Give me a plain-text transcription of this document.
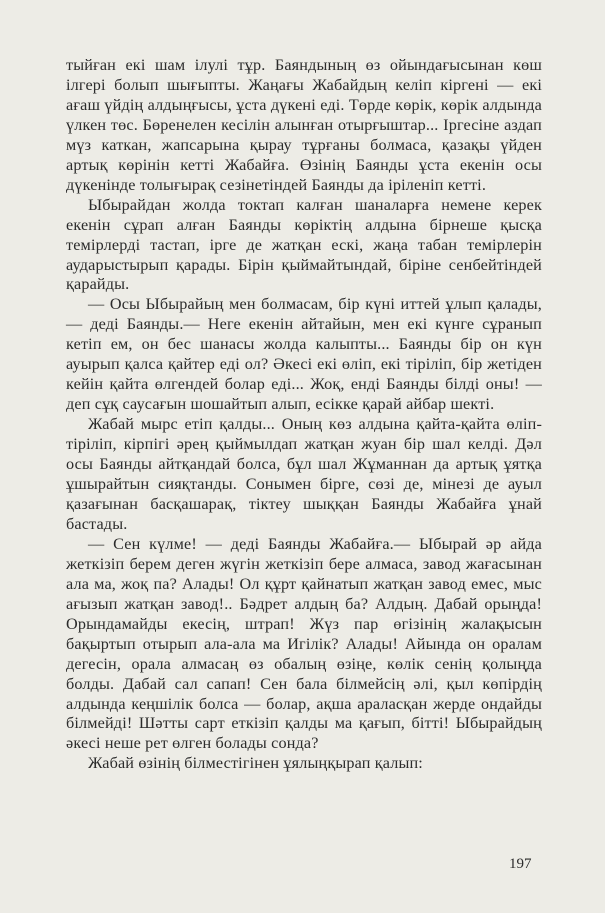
тыйған екі шам ілулі тұр. Баяндының өз ойындағысынан көш ілгері болып шығыпты. Жаңағы Жабайдың келіп кіргені — екі ағаш үйдің алдыңғысы, ұста дүкені еді. Төрде көрік, көрік алдында үлкен төс. Бөренелен кесілін алынған отырғыштар... Іргесіне аздап мүз каткан, жапсарына қырау тұрғаны болмаса, қазақы үйден артық көрінін кетті Жабайға. Өзінің Баянды ұста екенін осы дүкенінде толығырақ сезінетіндей Баянды да іріленіп кетті.

Ыбырайдан жолда токтап калған шаналарға немене керек екенін сұрап алған Баянды көріктің алдына бірнеше қысқа темірлерді тастап, ірге де жатқан ескі, жаңа табан темірлерін аударыстырып қарады. Бірін қыймайтындай, біріне сенбейтіндей қарайды.

— Осы Ыбырайың мен болмасам, бір күні иттей ұлып қалады,— деді Баянды.— Неге екенін айтайын, мен екі күнге сұранып кетіп ем, он бес шанасы жолда калыпты... Баянды бір он күн ауырып қалса қайтер еді ол? Әкесі екі өліп, екі тіріліп, бір жетіден кейін қайта өлгендей болар еді... Жоқ, енді Баянды білді оны! — деп сұқ саусағын шошайтып алып, есікке қарай айбар шекті.

Жабай мырс етіп қалды... Оның көз алдына қайта-қайта өліп-тіріліп, кірпігі әрең қыймылдап жатқан жуан бір шал келді. Дәл осы Баянды айтқандай болса, бұл шал Жұманнан да артық ұятқа ұшырайтын сияқтанды. Сонымен бірге, сөзі де, мінезі де ауыл қазағынан басқашарақ, тіктеу шыққан Баянды Жабайға ұнай бастады.

— Сен күлме! — деді Баянды Жабайға.— Ыбырай әр айда жеткізіп берем деген жүгін жеткізіп бере алмаса, завод жағасынан ала ма, жоқ па? Алады! Ол құрт қайнатып жатқан завод емес, мыс ағызып жатқан завод!.. Бәдрет алдың ба? Алдың. Дабай орыңда! Орындамайды екесің, штрап! Жүз пар өгізінің жалақысын бақыртып отырып ала-ала ма Игілік? Алады! Айында он оралам дегесін, орала алмасаң өз обалың өзіңе, көлік сенің қолыңда болды. Дабай сал сапап! Сен бала білмейсің әлі, қыл көпірдің алдында кеңшілік болса — болар, ақша араласқан жерде ондайды білмейді! Шәтты сарт еткізіп қалды ма қағып, бітті! Ыбырайдың әкесі неше рет өлген болады сонда?

Жабай өзінің білместігінен ұялыңқырап қалып:

197
